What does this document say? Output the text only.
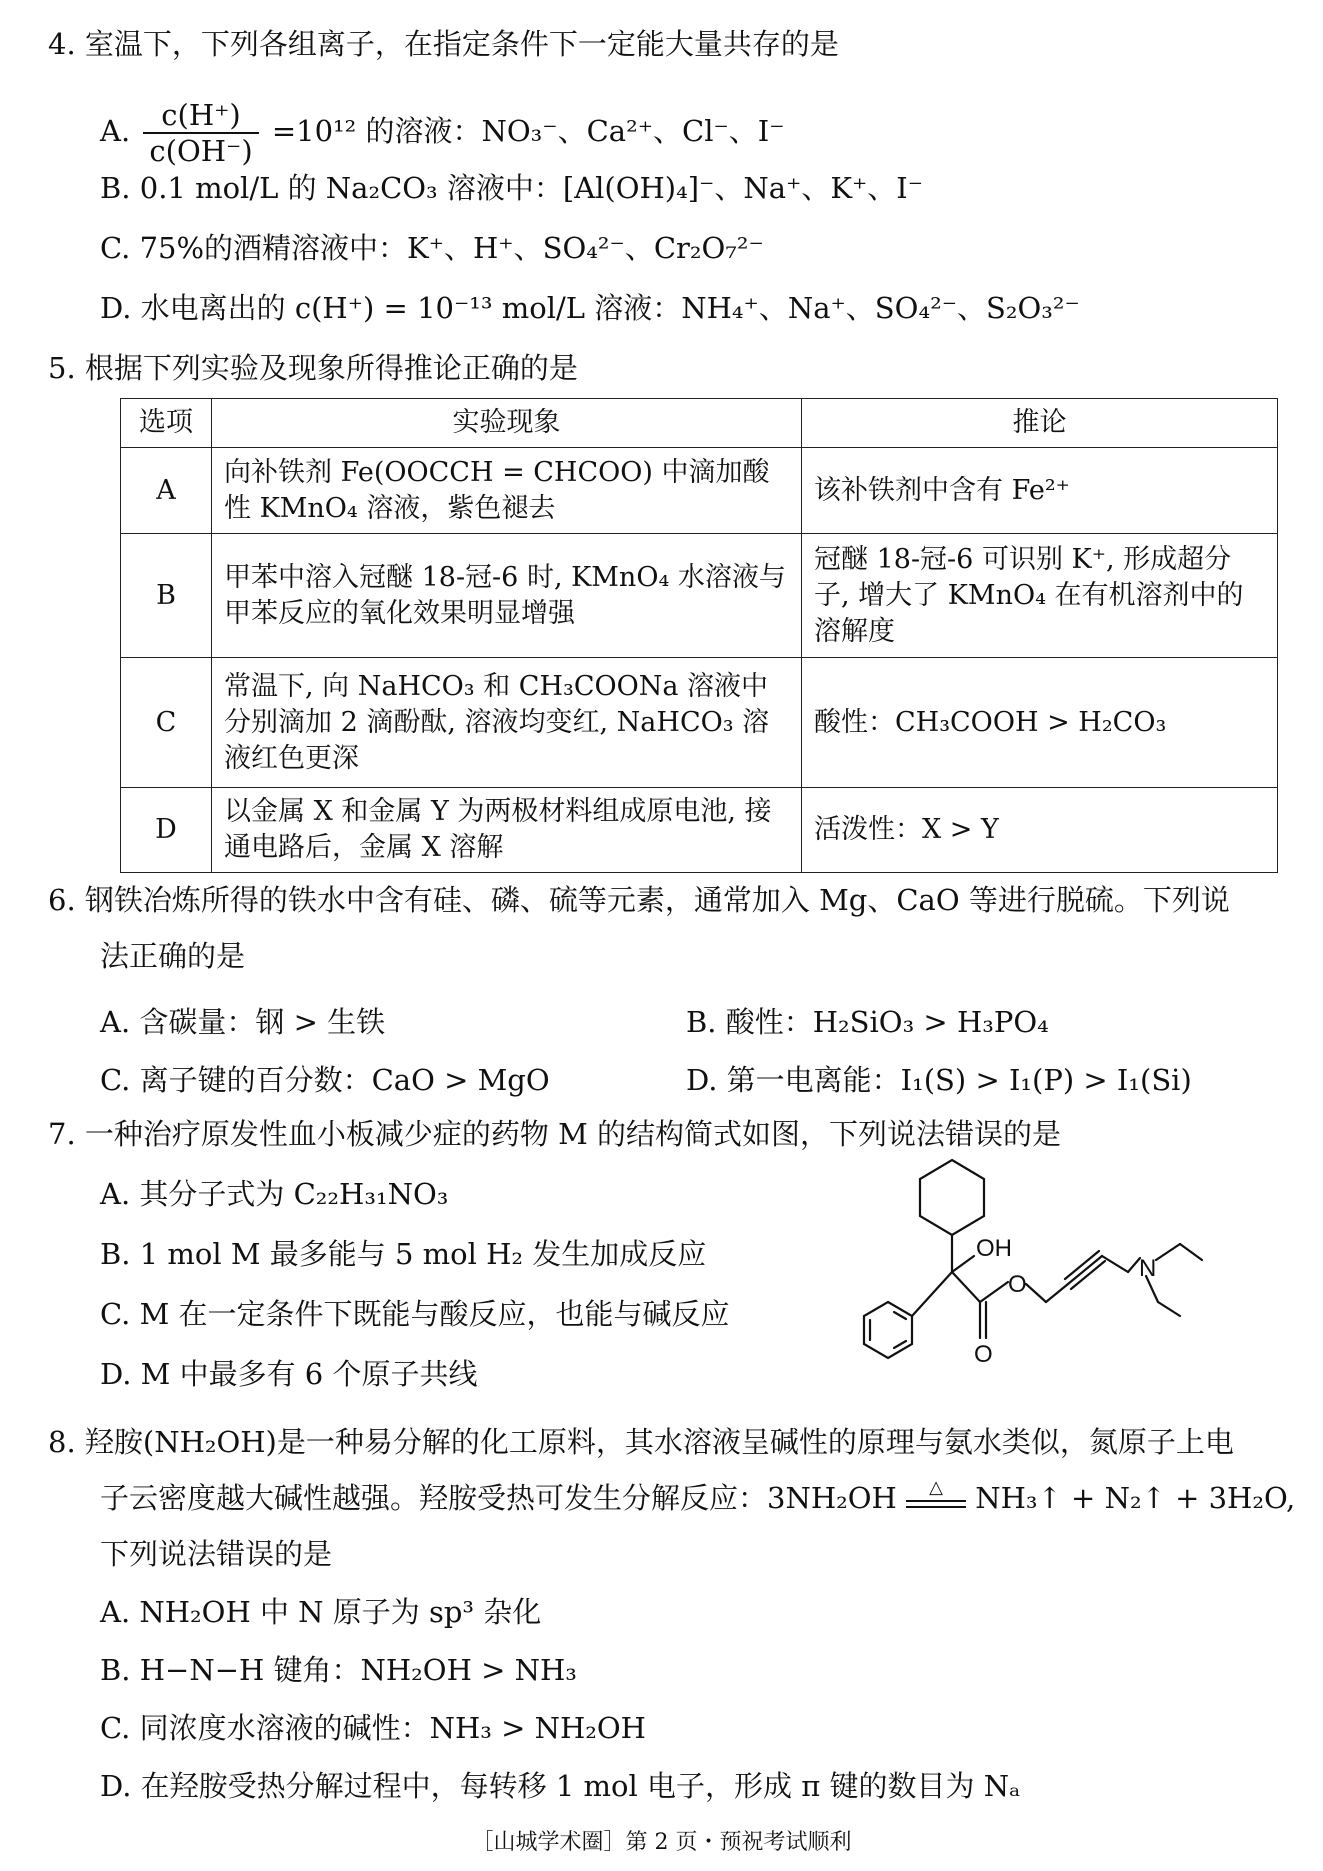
4. 室温下，下列各组离子，在指定条件下一定能大量共存的是
A. $\frac{c(H^+)}{c(OH^-)} =10^{12}$ 的溶液：NO₃⁻、Ca²⁺、Cl⁻、I⁻
B. 0.1 mol/L 的 Na₂CO₃ 溶液中：[Al(OH)₄]⁻、Na⁺、K⁺、I⁻
C. 75%的酒精溶液中：K⁺、H⁺、SO₄²⁻、Cr₂O₇²⁻
D. 水电离出的 c(H⁺) = 10⁻¹³ mol/L 溶液：NH₄⁺、Na⁺、SO₄²⁻、S₂O₃²⁻
5. 根据下列实验及现象所得推论正确的是
选项	实验现象	推论
A	向补铁剂 Fe(OOCCH = CHCOO) 中滴加酸性 KMnO₄ 溶液，紫色褪去	该补铁剂中含有 Fe²⁺
B	甲苯中溶入冠醚 18-冠-6 时, KMnO₄ 水溶液与甲苯反应的氧化效果明显增强	冠醚 18-冠-6 可识别 K⁺, 形成超分子, 增大了 KMnO₄ 在有机溶剂中的溶解度
C	常温下, 向 NaHCO₃ 和 CH₃COONa 溶液中分别滴加 2 滴酚酞, 溶液均变红, NaHCO₃ 溶液红色更深	酸性：CH₃COOH > H₂CO₃
D	以金属 X 和金属 Y 为两极材料组成原电池, 接通电路后，金属 X 溶解	活泼性：X > Y
6. 钢铁冶炼所得的铁水中含有硅、磷、硫等元素，通常加入 Mg、CaO 等进行脱硫。下列说
法正确的是
A. 含碳量：钢 > 生铁	B. 酸性：H₂SiO₃ > H₃PO₄
C. 离子键的百分数：CaO > MgO	D. 第一电离能：I₁(S) > I₁(P) > I₁(Si)
7. 一种治疗原发性血小板减少症的药物 M 的结构简式如图，下列说法错误的是
A. 其分子式为 C₂₂H₃₁NO₃
B. 1 mol M 最多能与 5 mol H₂ 发生加成反应
C. M 在一定条件下既能与酸反应，也能与碱反应
D. M 中最多有 6 个原子共线
OH
O
O
N
8. 羟胺(NH₂OH)是一种易分解的化工原料，其水溶液呈碱性的原理与氨水类似，氮原子上电
子云密度越大碱性越强。羟胺受热可发生分解反应：3NH₂OH	△	NH₃↑ + N₂↑ + 3H₂O,
下列说法错误的是
A. NH₂OH 中 N 原子为 sp³ 杂化
B. H−N−H 键角：NH₂OH > NH₃
C. 同浓度水溶液的碱性：NH₃ > NH₂OH
D. 在羟胺受热分解过程中，每转移 1 mol 电子，形成 π 键的数目为 Nₐ
［山城学术圈］第 2 页・预祝考试顺利
